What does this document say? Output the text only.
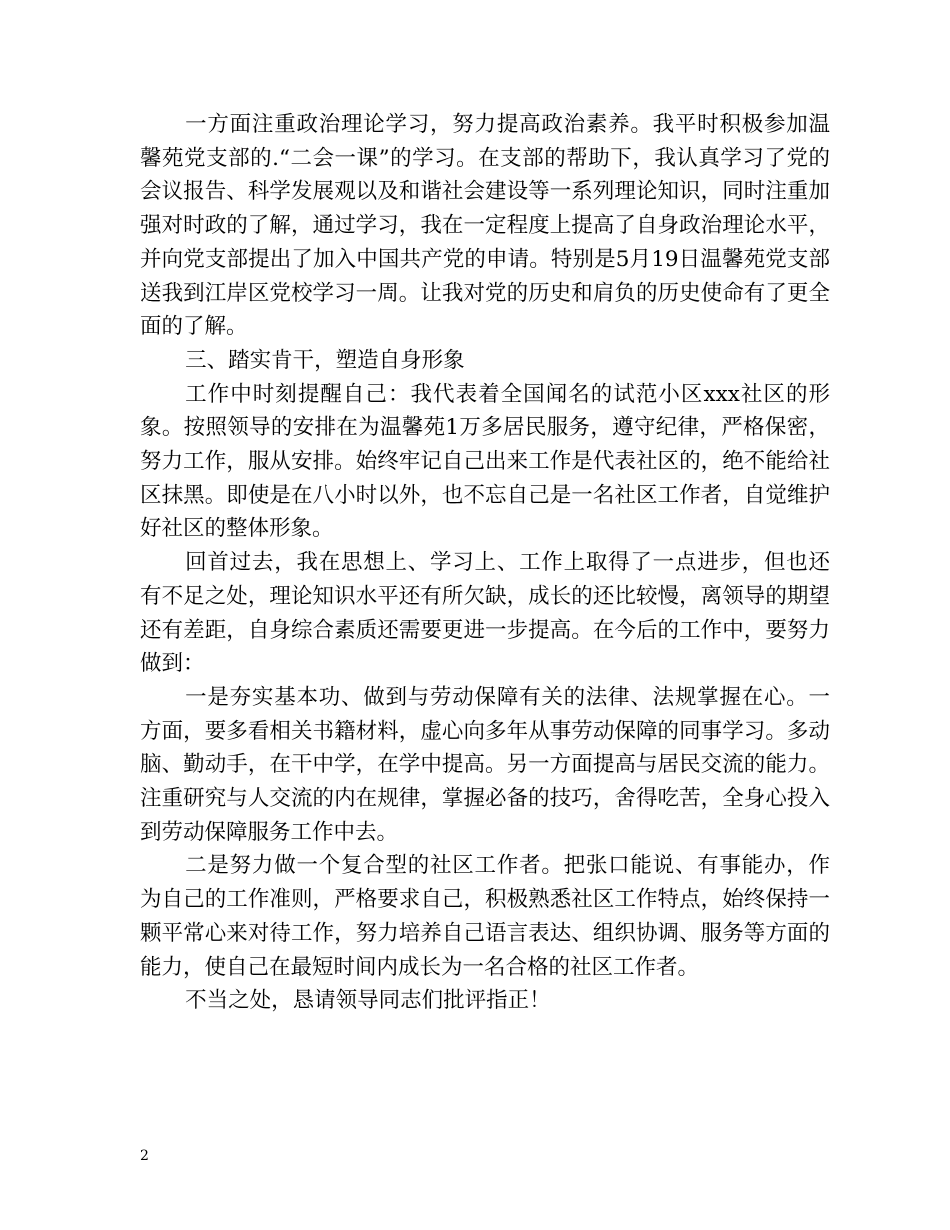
一方面注重政治理论学习，努力提高政治素养。我平时积极参加温馨苑党支部的.“二会一课”的学习。在支部的帮助下，我认真学习了党的会议报告、科学发展观以及和谐社会建设等一系列理论知识，同时注重加强对时政的了解，通过学习，我在一定程度上提高了自身政治理论水平，并向党支部提出了加入中国共产党的申请。特别是5月19日温馨苑党支部送我到江岸区党校学习一周。让我对党的历史和肩负的历史使命有了更全面的了解。

三、踏实肯干，塑造自身形象

工作中时刻提醒自己：我代表着全国闻名的试范小区xxx社区的形象。按照领导的安排在为温馨苑1万多居民服务，遵守纪律，严格保密，努力工作，服从安排。始终牢记自己出来工作是代表社区的，绝不能给社区抹黑。即使是在八小时以外，也不忘自己是一名社区工作者，自觉维护好社区的整体形象。

回首过去，我在思想上、学习上、工作上取得了一点进步，但也还有不足之处，理论知识水平还有所欠缺，成长的还比较慢，离领导的期望还有差距，自身综合素质还需要更进一步提高。在今后的工作中，要努力做到：

一是夯实基本功、做到与劳动保障有关的法律、法规掌握在心。一方面，要多看相关书籍材料，虚心向多年从事劳动保障的同事学习。多动脑、勤动手，在干中学，在学中提高。另一方面提高与居民交流的能力。注重研究与人交流的内在规律，掌握必备的技巧，舍得吃苦，全身心投入到劳动保障服务工作中去。

二是努力做一个复合型的社区工作者。把张口能说、有事能办，作为自己的工作准则，严格要求自己，积极熟悉社区工作特点，始终保持一颗平常心来对待工作，努力培养自己语言表达、组织协调、服务等方面的能力，使自己在最短时间内成长为一名合格的社区工作者。

不当之处，恳请领导同志们批评指正！

2
